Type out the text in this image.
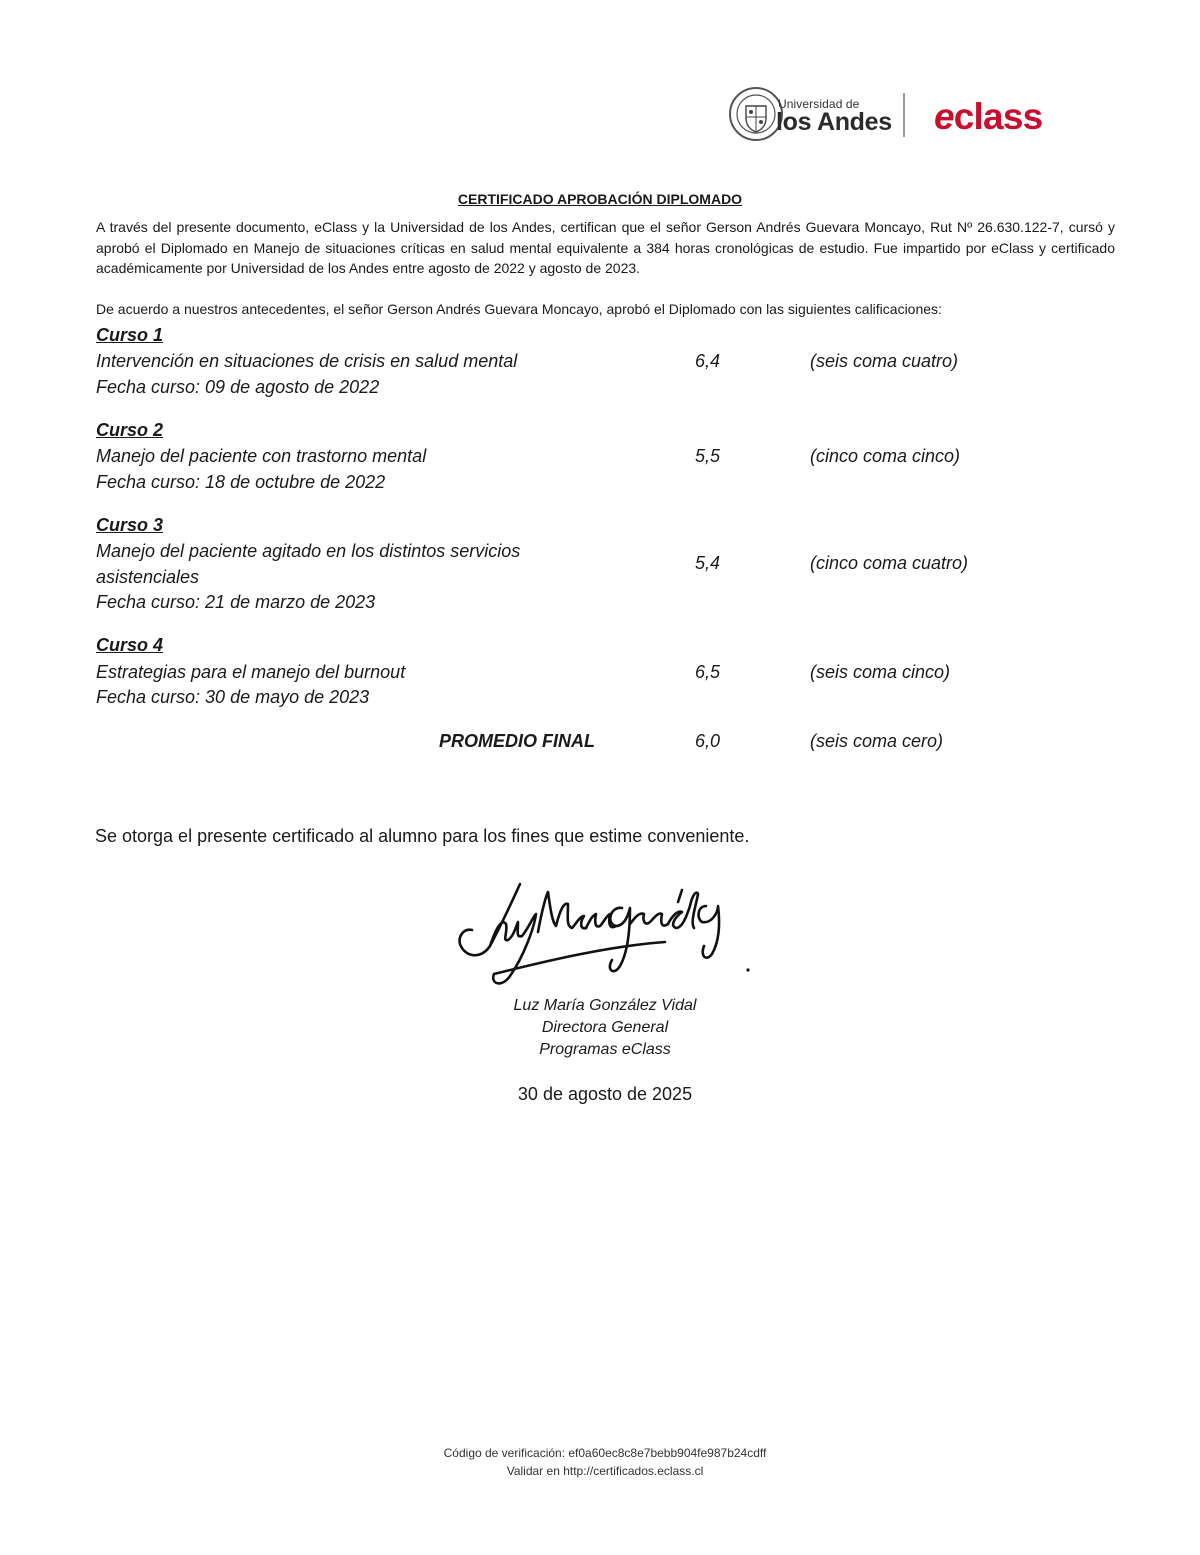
Universidad de
los Andes eclass
CERTIFICADO APROBACIÓN DIPLOMADO
A través del presente documento, eClass y la Universidad de los Andes, certifican que el señor Gerson Andrés Guevara Moncayo, Rut Nº 26.630.122-7, cursó y aprobó el Diplomado en Manejo de situaciones críticas en salud mental equivalente a 384 horas cronológicas de estudio. Fue impartido por eClass y certificado académicamente por Universidad de los Andes entre agosto de 2022 y agosto de 2023.
De acuerdo a nuestros antecedentes, el señor Gerson Andrés Guevara Moncayo, aprobó el Diplomado con las siguientes calificaciones:
Curso 1
Intervención en situaciones de crisis en salud mental
Fecha curso: 09 de agosto de 2022
6,4	(seis coma cuatro)
Curso 2
Manejo del paciente con trastorno mental
Fecha curso: 18 de octubre de 2022
5,5	(cinco coma cinco)
Curso 3
Manejo del paciente agitado en los distintos servicios
asistenciales
Fecha curso: 21 de marzo de 2023
5,4	(cinco coma cuatro)
Curso 4
Estrategias para el manejo del burnout
Fecha curso: 30 de mayo de 2023
6,5	(seis coma cinco)
PROMEDIO FINAL	6,0	(seis coma cero)
Se otorga el presente certificado al alumno para los fines que estime conveniente.
Luz María González Vidal
Directora General
Programas eClass
30 de agosto de 2025
Código de verificación: ef0a60ec8c8e7bebb904fe987b24cdff
Validar en http://certificados.eclass.cl
